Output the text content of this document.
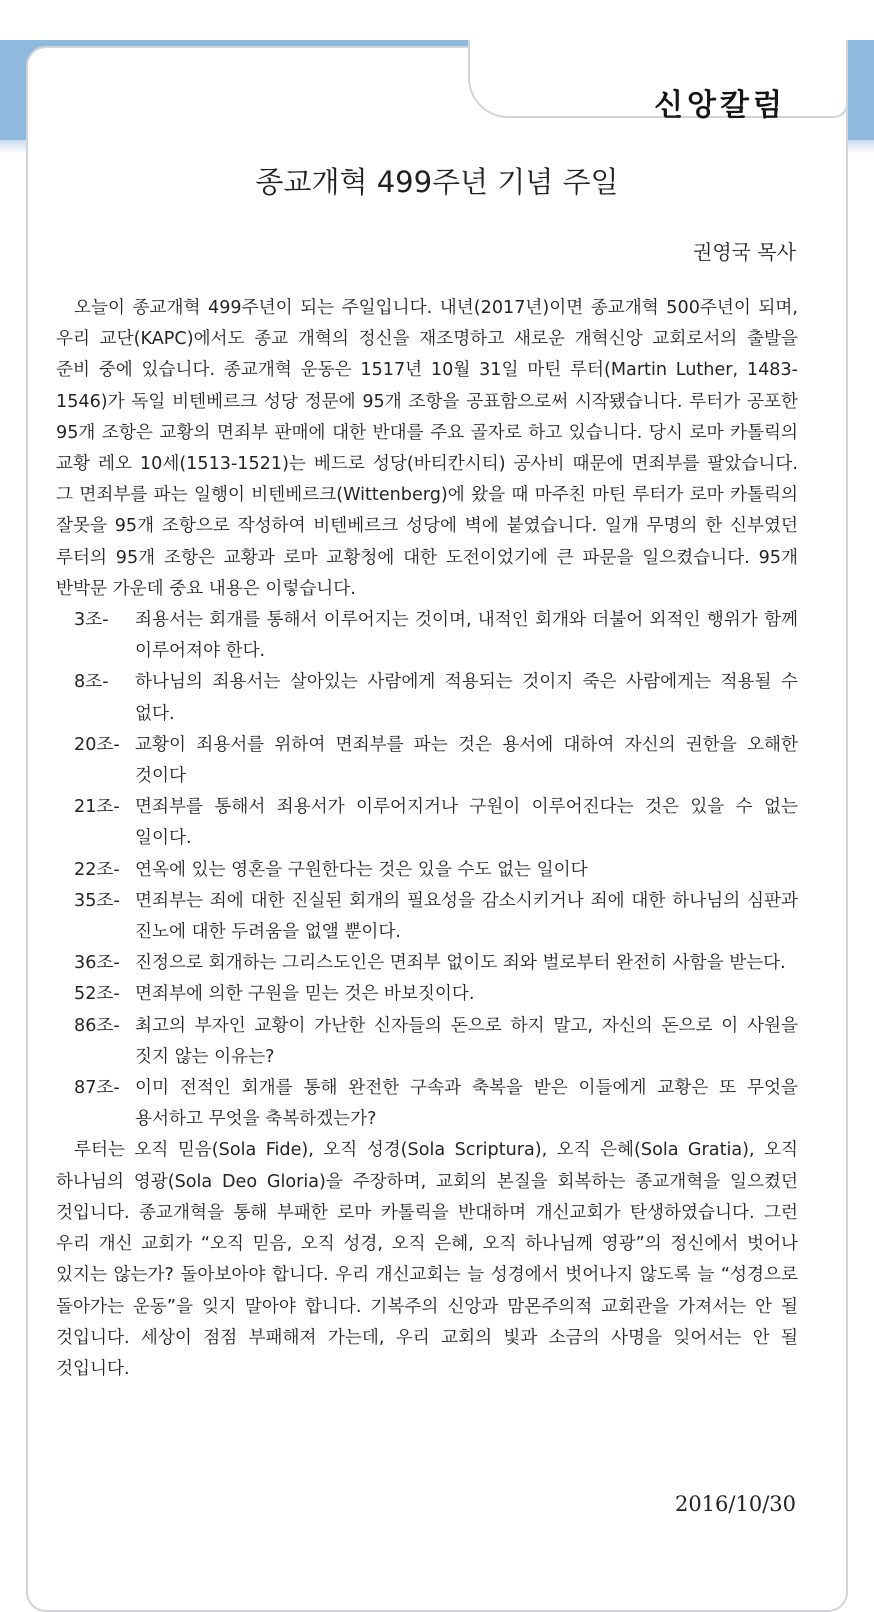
신앙칼럼
종교개혁 499주년 기념 주일
권영국 목사

오늘이 종교개혁 499주년이 되는 주일입니다. 내년(2017년)이면 종교개혁 500주년이 되며, 우리 교단(KAPC)에서도 종교 개혁의 정신을 재조명하고 새로운 개혁신앙 교회로서의 출발을 준비 중에 있습니다. 종교개혁 운동은 1517년 10월 31일 마틴 루터(Martin Luther, 1483-1546)가 독일 비텐베르크 성당 정문에 95개 조항을 공표함으로써 시작됐습니다. 루터가 공포한 95개 조항은 교황의 면죄부 판매에 대한 반대를 주요 골자로 하고 있습니다. 당시 로마 카톨릭의 교황 레오 10세(1513-1521)는 베드로 성당(바티칸시티) 공사비 때문에 면죄부를 팔았습니다. 그 면죄부를 파는 일행이 비텐베르크(Wittenberg)에 왔을 때 마주친 마틴 루터가 로마 카톨릭의 잘못을 95개 조항으로 작성하여 비텐베르크 성당에 벽에 붙였습니다. 일개 무명의 한 신부였던 루터의 95개 조항은 교황과 로마 교황청에 대한 도전이었기에 큰 파문을 일으켰습니다. 95개 반박문 가운데 중요 내용은 이렇습니다.

3조-	죄용서는 회개를 통해서 이루어지는 것이며, 내적인 회개와 더불어 외적인 행위가 함께 이루어져야 한다.

8조-	하나님의 죄용서는 살아있는 사람에게 적용되는 것이지 죽은 사람에게는 적용될 수 없다.

20조- 교황이 죄용서를 위하여 면죄부를 파는 것은 용서에 대하여 자신의 권한을 오해한 것이다

21조- 면죄부를 통해서 죄용서가 이루어지거나 구원이 이루어진다는 것은 있을 수 없는 일이다.

22조- 연옥에 있는 영혼을 구원한다는 것은 있을 수도 없는 일이다

35조- 면죄부는 죄에 대한 진실된 회개의 필요성을 감소시키거나 죄에 대한 하나님의 심판과 진노에 대한 두려움을 없앨 뿐이다.

36조- 진정으로 회개하는 그리스도인은 면죄부 없이도 죄와 벌로부터 완전히 사함을 받는다.

52조- 면죄부에 의한 구원을 믿는 것은 바보짓이다.

86조- 최고의 부자인 교황이 가난한 신자들의 돈으로 하지 말고, 자신의 돈으로 이 사원을 짓지 않는 이유는?

87조- 이미 전적인 회개를 통해 완전한 구속과 축복을 받은 이들에게 교황은 또 무엇을 용서하고 무엇을 축복하겠는가?

루터는 오직 믿음(Sola Fide), 오직 성경(Sola Scriptura), 오직 은혜(Sola Gratia), 오직 하나님의 영광(Sola Deo Gloria)을 주장하며, 교회의 본질을 회복하는 종교개혁을 일으켰던 것입니다. 종교개혁을 통해 부패한 로마 카톨릭을 반대하며 개신교회가 탄생하였습니다. 그런 우리 개신 교회가 “오직 믿음, 오직 성경, 오직 은혜, 오직 하나님께 영광”의 정신에서 벗어나 있지는 않는가? 돌아보아야 합니다. 우리 개신교회는 늘 성경에서 벗어나지 않도록 늘 “성경으로 돌아가는 운동”을 잊지 말아야 합니다. 기복주의 신앙과 맘몬주의적 교회관을 가져서는 안 될 것입니다. 세상이 점점 부패해져 가는데, 우리 교회의 빛과 소금의 사명을 잊어서는 안 될 것입니다.

2016/10/30
